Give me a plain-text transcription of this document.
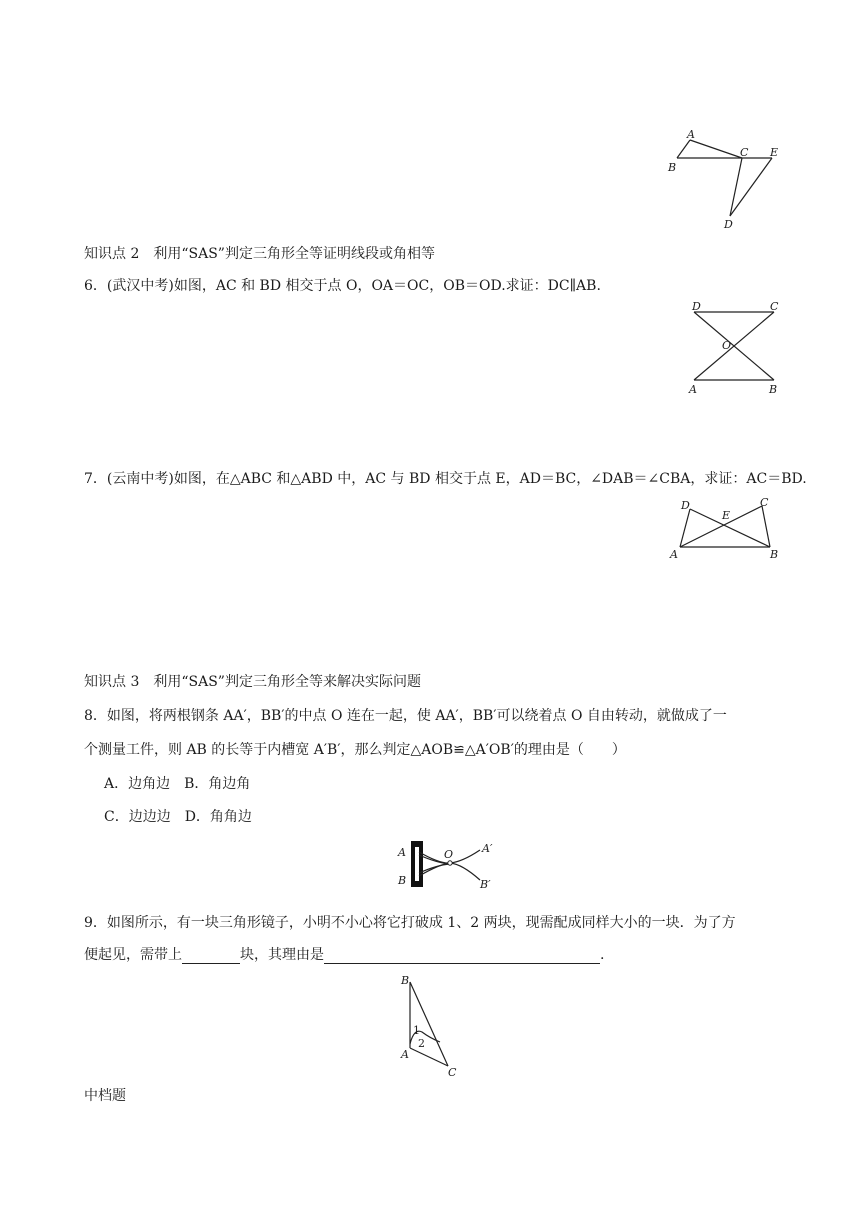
A
B
C E
D
知识点 2　利用“SAS”判定三角形全等证明线段或角相等
6．(武汉中考)如图，AC 和 BD 相交于点 O，OA＝OC，OB＝OD.求证：DC∥AB.
D	C
O
A	B
7．(云南中考)如图，在△ABC 和△ABD 中，AC 与 BD 相交于点 E，AD＝BC，∠DAB＝∠CBA，求证：AC＝BD.
D	C
E
A	B
知识点 3　利用“SAS”判定三角形全等来解决实际问题
8．如图，将两根钢条 AA′，BB′的中点 O 连在一起，使 AA′，BB′可以绕着点 O 自由转动，就做成了一
个测量工件，则 AB 的长等于内槽宽 A′B′，那么判定△AOB≌△A′OB′的理由是（　　）
A．边角边　B．角边角
C．边边边　D．角角边
A
B
O	A′
B′
9．如图所示，有一块三角形镜子，小明不小心将它打破成 1、2 两块，现需配成同样大小的一块．为了方
便起见，需带上	块，其理由是	.
B
1
2
A
C
中档题
